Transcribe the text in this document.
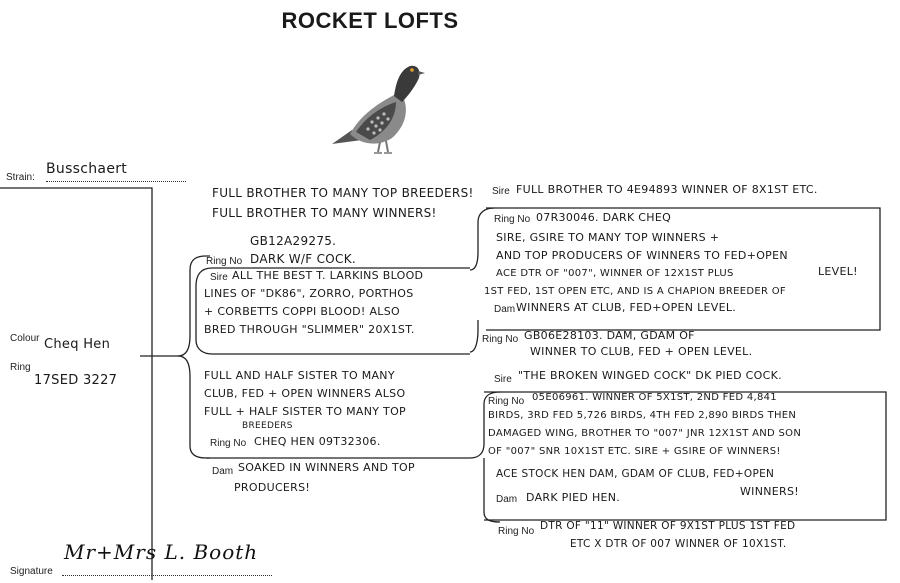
ROCKET LOFTS
Strain:
Busschaert
Colour Cheq Hen
Ring
17SED 3227
Signature
Mr+Mrs L. Booth
FULL BROTHER TO MANY TOP BREEDERS!
FULL BROTHER TO MANY WINNERS!
GB12A29275.
Ring No DARK W/F COCK.
Sire ALL THE BEST T. LARKINS BLOOD
LINES OF "DK86", ZORRO, PORTHOS
+ CORBETTS COPPI BLOOD! ALSO
BRED THROUGH "SLIMMER" 20X1ST.
Sire FULL BROTHER TO 4E94893 WINNER OF 8X1ST ETC.
Ring No 07R30046. DARK CHEQ
SIRE, GSIRE TO MANY TOP WINNERS +
AND TOP PRODUCERS OF WINNERS TO FED+OPEN
LEVEL!
ACE DTR OF "007", WINNER OF 12X1ST PLUS
1ST FED, 1ST OPEN ETC, AND IS A CHAPION BREEDER OF
Dam WINNERS AT CLUB, FED+OPEN LEVEL.
Ring No GB06E28103. DAM, GDAM OF
WINNER TO CLUB, FED + OPEN LEVEL.
FULL AND HALF SISTER TO MANY
CLUB, FED + OPEN WINNERS ALSO
FULL + HALF SISTER TO MANY TOP
BREEDERS
Ring No CHEQ HEN 09T32306.
Dam SOAKED IN WINNERS AND TOP
PRODUCERS!
Sire "THE BROKEN WINGED COCK" DK PIED COCK.
Ring No 05E06961. WINNER OF 5X1ST, 2ND FED 4,841
BIRDS, 3RD FED 5,726 BIRDS, 4TH FED 2,890 BIRDS THEN
DAMAGED WING, BROTHER TO "007" JNR 12X1ST AND SON
OF "007" SNR 10X1ST ETC. SIRE + GSIRE OF WINNERS!
ACE STOCK HEN DAM, GDAM OF CLUB, FED+OPEN
WINNERS!
Dam DARK PIED HEN.
Ring No DTR OF "11" WINNER OF 9X1ST PLUS 1ST FED
ETC X DTR OF 007 WINNER OF 10X1ST.
